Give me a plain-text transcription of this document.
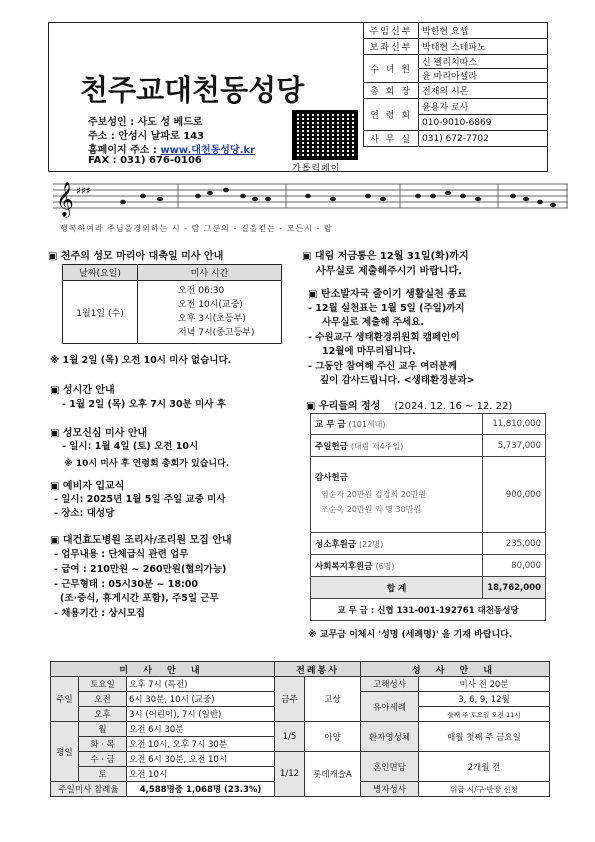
천주교대천동성당
주보성인 : 사도 성 베드로
주소 : 안성시 날파로 143
홈페이지 주소 : www.대천동성당.kr
FAX : 031) 676-0106
가톨릭페이
주임신부	박한현 요셉
보좌신부	박태현 스테파노
수 녀 원	신 펠리치따스
	윤 마리아셀라
총 회 장	전재의 시몬
연 령 회	윤용자 로사
	010-9010-6869
사 무 실	031) 672-7702
𝄞 ♯♯♯
행복하여라 주님을경외하는 시 - 람 그분의 - 길을걷는 - 모든시 - 람
▣ 천주의 성모 마리아 대축일 미사 안내
날짜(요일)	미사 시간
1월1일 (수)	오전 06:30
오전 10시(교중)
오후 3시(초등부)
저녁 7시(중고등부)
※ 1월 2일 (목) 오전 10시 미사 없습니다.
▣ 성시간 안내
- 1월 2일 (목) 오후 7시 30분 미사 후
▣ 성모신심 미사 안내
- 일시: 1월 4일 (토) 오전 10시
※ 10시 미사 후 연령회 총회가 있습니다.
▣ 예비자 입교식
- 일시: 2025년 1월 5일 주일 교중 미사
- 장소: 대성당
▣ 대건효도병원 조리사/조리원 모집 안내
- 업무내용 : 단체급식 관련 업무
- 급여 : 210만원 ~ 260만원(협의가능)
- 근무형태 : 05시30분 ~ 18:00
(조·중식, 휴게시간 포함), 주5일 근무
- 채용기간 : 상시모집
▣ 대림 저금통은 12월 31일(화)까지
사무실로 제출해주시기 바랍니다.
▣ 탄소발자국 줄이기 생활실천 종료
- 12월 실천표는 1월 5일 (주일)까지
사무실로 제출해 주세요.
- 수원교구 생태환경위원회 캠페인이
12월에 마무리됩니다.
- 그동안 참여해 주신 교우 여러분께
깊이 감사드립니다. <생태환경분과>
▣ 우리들의 정성 (2024. 12. 16 ~ 12. 22)
교 무 금 (101세대)	11,810,000
주일헌금 (대림 제4주일)	5,737,000

감사헌금
염순자 20만원 김경희 20만원
조순옥 20만원 익 명 30만원	900,000
성소후원금 (22명)	235,000
사회복지후원금 (6명)	80,000
합 계	18,762,000
교 무 금 : 신협 131-001-192761 대천동성당	
※ 교무금 이체시 '성명 (세례명)' 을 기재 바랍니다.
미 사 안 내			전례봉사		성 사 안 내	
주일	토요일	오후 7시 (특전)	금주	고상	고해성사	미사 전 20분
	오전	6시 30분, 10시 (교중)			유아세례	3, 6, 9, 12월
	오후	3시 (어린이), 7시 (일반)				둘째 주 토요일 오전 11시
평일	월	오전 6시 30분	1/5	아양	환자영성체	매월 첫째 주 금요일
	화 · 목	오전 10시, 오후 7시 30분				
	수 · 금	오전 6시 30분, 오전 10시	1/12	롯데캐슬A	혼인면담	2개월 전
	토	오전 10시				
주일미사 참례율		4,588명중 1,068명 (23.3%)			병자성사	위급 시/구·반장 신청
